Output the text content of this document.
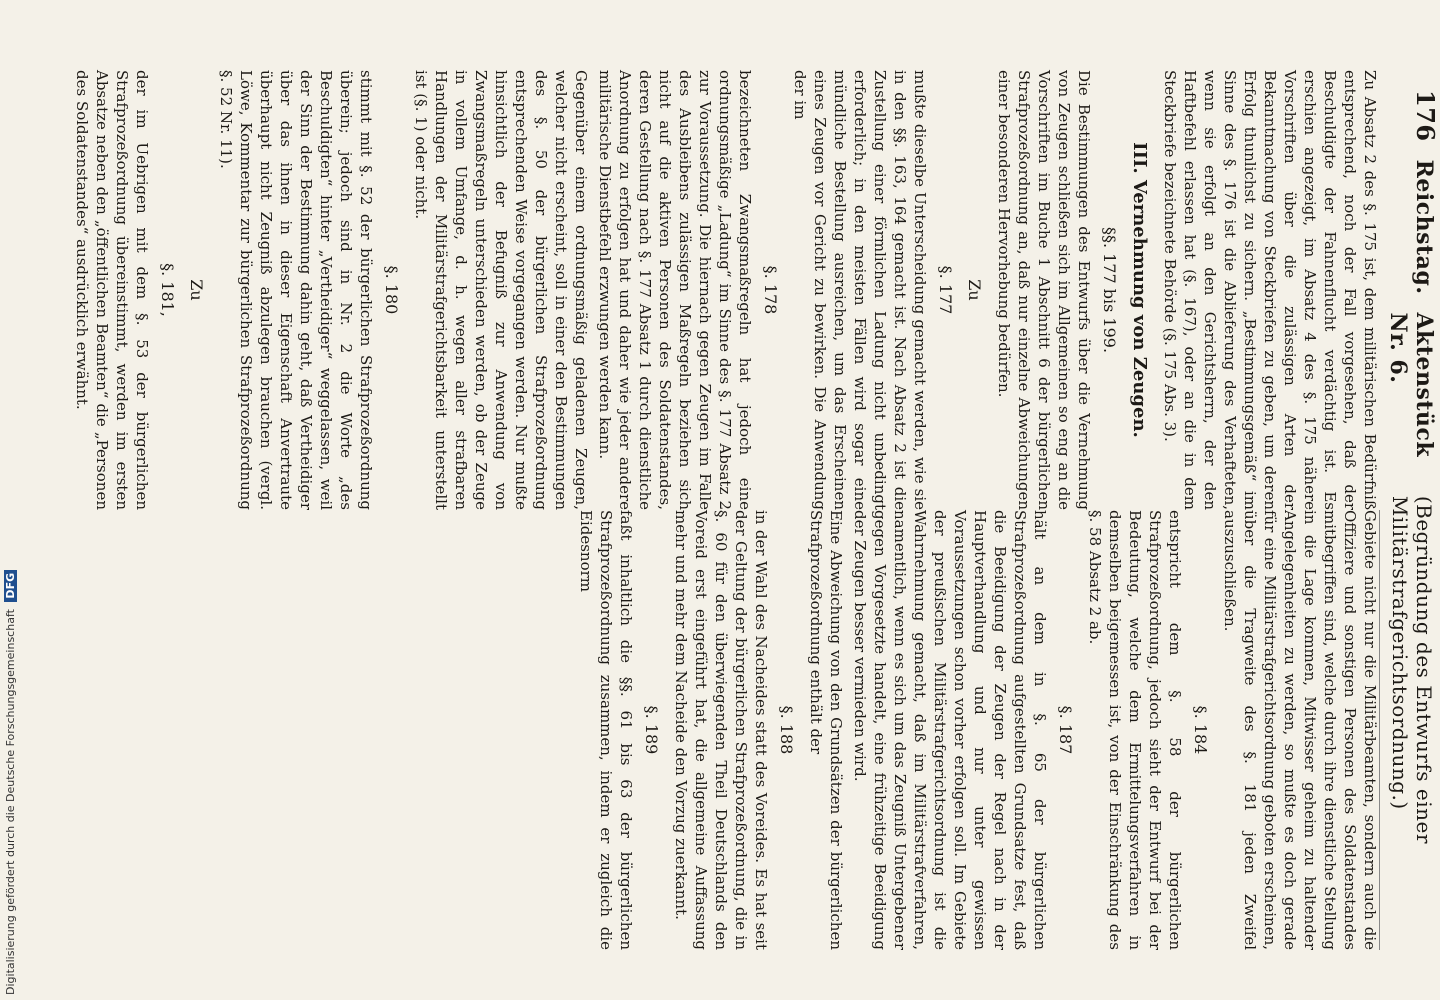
176
Reichstag.
Aktenstück Nr. 6.
(Begründung des Entwurfs einer Militärstrafgerichtsordnung.)

Zu Absatz 2 des §. 175 ist, dem militärischen Bedürfniß entsprechend, noch der Fall vorgesehen, daß der Beschuldigte der Fahnenflucht verdächtig ist. Es erschien angezeigt, im Absatz 4 des §. 175 nähere Vorschriften über die zulässigen Arten der Bekanntmachung von Steckbriefen zu geben, um deren Erfolg thunlichst zu sichern. „Bestimmungsgemäß“ im Sinne des §. 176 ist die Ablieferung des Verhafteten, wenn sie erfolgt an den Gerichtsherrn, der den Haftbefehl erlassen hat (§. 167), oder an die in dem Steckbriefe bezeichnete Behörde (§. 175 Abs. 3).

III. Vernehmung von Zeugen.
§§. 177 bis 199.

Die Bestimmungen des Entwurfs über die Vernehmung von Zeugen schließen sich im Allgemeinen so eng an die Vorschriften im Buche 1 Abschnitt 6 der bürgerlichen Strafprozeßordnung an, daß nur einzelne Abweichungen einer besonderen Hervorhebung bedürfen.

Zu
§. 177

mußte dieselbe Unterscheidung gemacht werden, wie sie in den §§. 163, 164 gemacht ist. Nach Absatz 2 ist die Zustellung einer förmlichen Ladung nicht unbedingt erforderlich; in den meisten Fällen wird sogar eine mündliche Bestellung ausreichen, um das Erscheinen eines Zeugen vor Gericht zu bewirken. Die Anwendung der im

§. 178

bezeichneten Zwangsmaßregeln hat jedoch eine ordnungsmäßige „Ladung“ im Sinne des §. 177 Absatz 2 zur Voraussetzung. Die hiernach gegen Zeugen im Falle des Ausbleibens zulässigen Maßregeln beziehen sich nicht auf die aktiven Personen des Soldatenstandes, deren Gestellung nach §. 177 Absatz 1 durch dienstliche Anordnung zu erfolgen hat und daher wie jeder andere militärische Dienstbefehl erzwungen werden kann.

Gegenüber einem ordnungsmäßig geladenen Zeugen, welcher nicht erscheint, soll in einer den Bestimmungen des §. 50 der bürgerlichen Strafprozeßordnung entsprechenden Weise vorgegangen werden. Nur mußte hinsichtlich der Befugniß zur Anwendung von Zwangsmaßregeln unterschieden werden, ob der Zeuge in vollem Umfange, d. h. wegen aller strafbaren Handlungen der Militärstrafgerichtsbarkeit unterstellt ist (§. 1) oder nicht.

§. 180

stimmt mit §. 52 der bürgerlichen Strafprozeßordnung überein; jedoch sind in Nr. 2 die Worte „des Beschuldigten“ hinter „Vertheidiger“ weggelassen, weil der Sinn der Bestimmung dahin geht, daß Vertheidiger über das ihnen in dieser Eigenschaft Anvertraute überhaupt nicht Zeugniß abzulegen brauchen (vergl. Löwe, Kommentar zur bürgerlichen Strafprozeßordnung §. 52 Nr. 11).

Zu
§. 181,

der im Uebrigen mit dem §. 53 der bürgerlichen Strafprozeßordnung übereinstimmt, werden im ersten Absatze neben den „öffentlichen Beamten“ die „Personen des Soldatenstandes“ ausdrücklich erwähnt.

Gebiete nicht nur die Militärbeamten, sondern auch die Offiziere und sonstigen Personen des Soldatenstandes mitbegriffen sind, welche durch ihre dienstliche Stellung in die Lage kommen, Mitwisser geheim zu haltender Angelegenheiten zu werden, so mußte es doch gerade für eine Militärstrafgerichtsordnung geboten erscheinen, über die Tragweite des §. 181 jeden Zweifel auszuschließen.

§. 184

entspricht dem §. 58 der bürgerlichen Strafprozeßordnung, jedoch sieht der Entwurf bei der Bedeutung, welche dem Ermittelungsverfahren in demselben beigemessen ist, von der Einschränkung des §. 58 Absatz 2 ab.

§. 187

hält an dem in §. 65 der bürgerlichen Strafprozeßordnung aufgestellten Grundsatze fest, daß die Beeidigung der Zeugen der Regel nach in der Hauptverhandlung und nur unter gewissen Voraussetzungen schon vorher erfolgen soll. Im Gebiete der preußischen Militärstrafgerichtsordnung ist die Wahrnehmung gemacht, daß im Militärstrafverfahren, namentlich, wenn es sich um das Zeugniß Untergebener gegen Vorgesetzte handelt, eine frühzeitige Beeidigung der Zeugen besser vermieden wird.

Eine Abweichung von den Grundsätzen der bürgerlichen Strafprozeßordnung enthält der

§. 188

in der Wahl des Nacheides statt des Voreides. Es hat seit der Geltung der bürgerlichen Strafprozeßordnung, die in §. 60 für den überwiegenden Theil Deutschlands den Voreid erst eingeführt hat, die allgemeine Auffassung mehr und mehr dem Nacheide den Vorzug zuerkannt.

§. 189

faßt inhaltlich die §§. 61 bis 63 der bürgerlichen Strafprozeßordnung zusammen, indem er zugleich die Eidesnorm

Digitalisierung gefördert durch die Deutsche Forschungsgemeinschaft DFG
